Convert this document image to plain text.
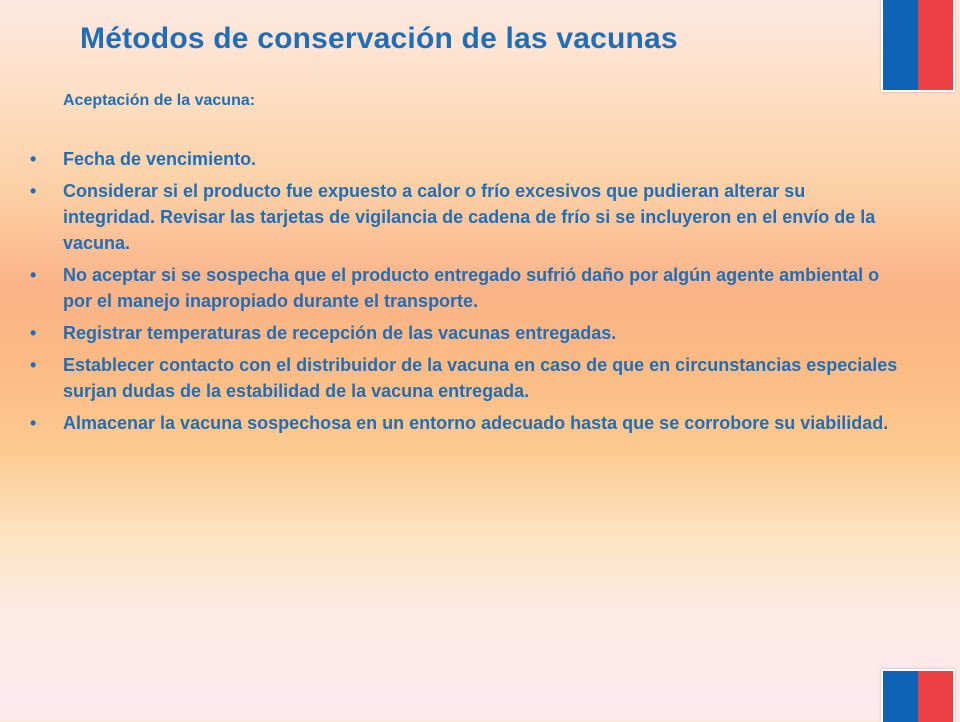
Métodos de conservación de las vacunas
Aceptación de la vacuna:
•	Fecha de vencimiento.
•	Considerar si el producto fue expuesto a calor o frío excesivos que pudieran alterar su integridad. Revisar las tarjetas de vigilancia de cadena de frío si se incluyeron en el envío de la vacuna.
•	No aceptar si se sospecha que el producto entregado sufrió daño por algún agente ambiental o por el manejo inapropiado durante el transporte.
•	Registrar temperaturas de recepción de las vacunas entregadas.
•	Establecer contacto con el distribuidor de la vacuna en caso de que en circunstancias especiales surjan dudas de la estabilidad de la vacuna entregada.
•	Almacenar la vacuna sospechosa en un entorno adecuado hasta que se corrobore su viabilidad.
